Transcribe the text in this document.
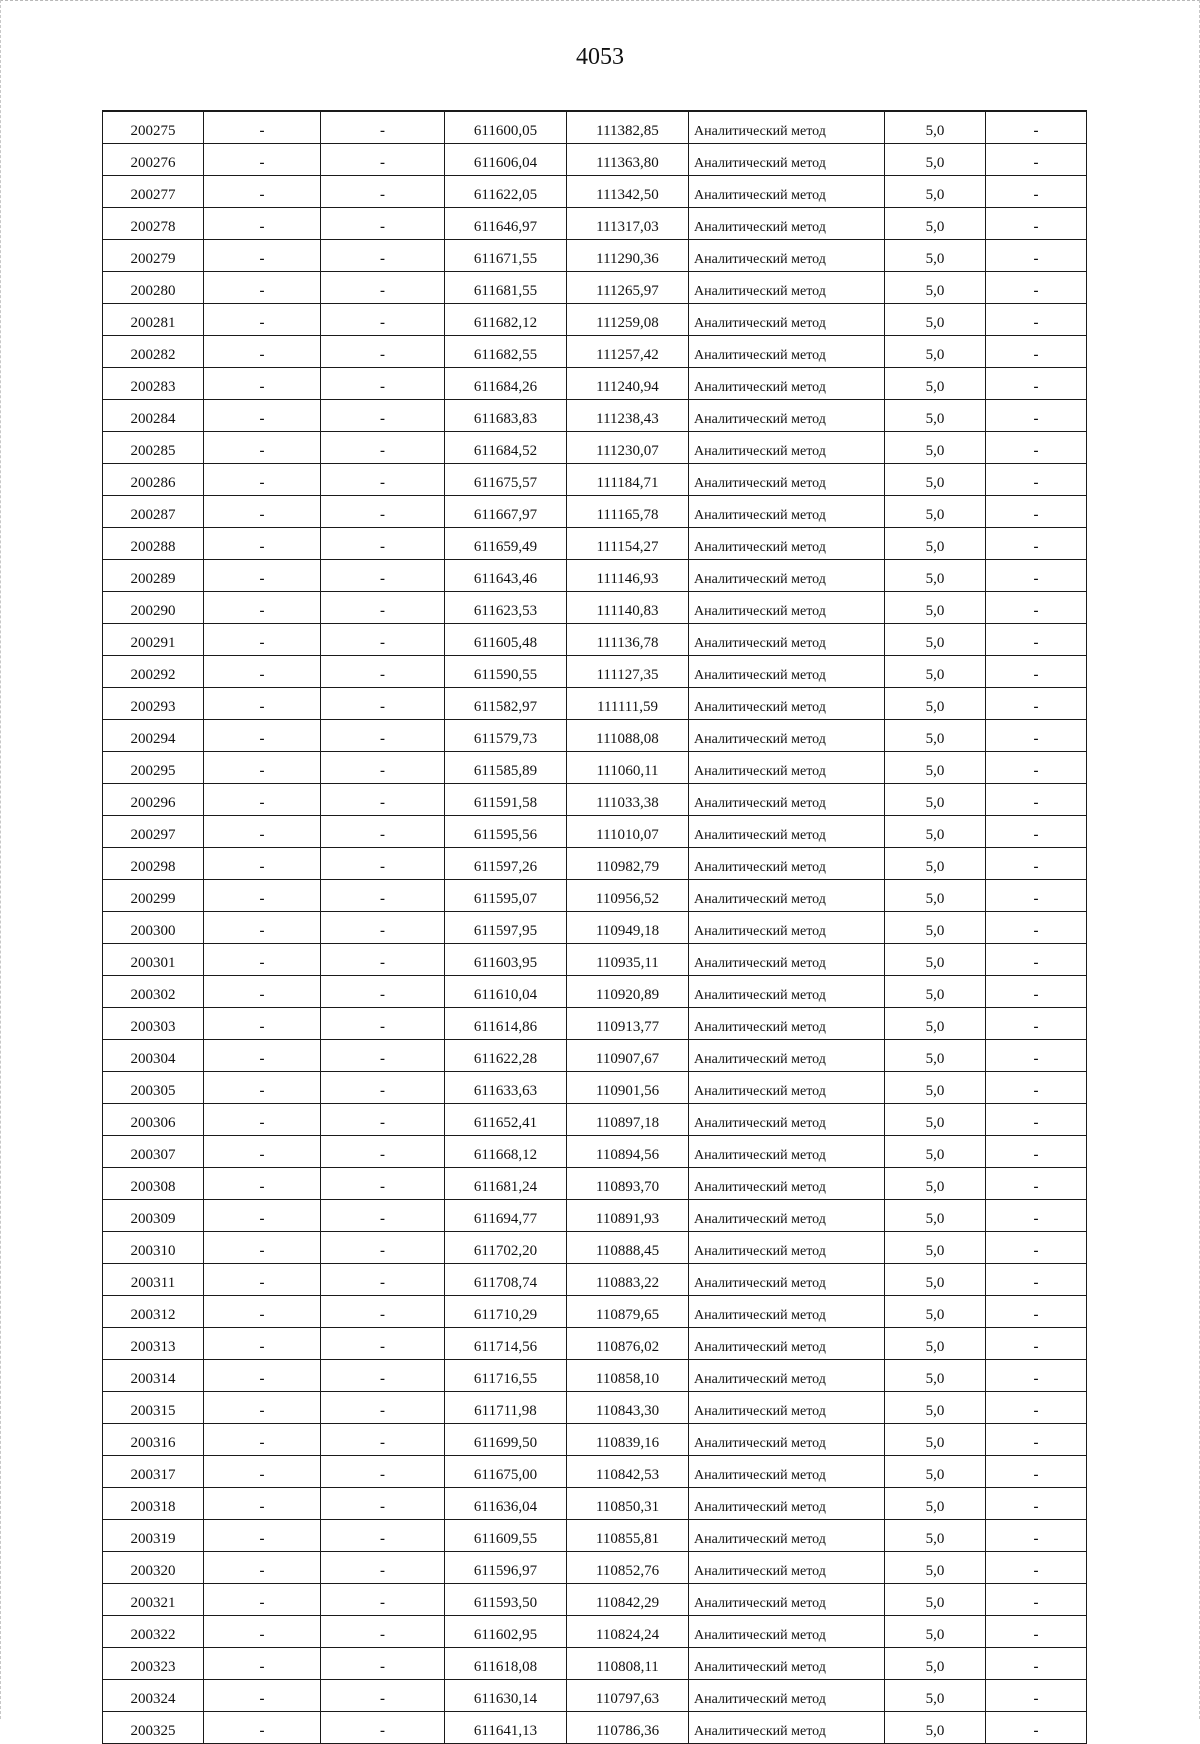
4053
200275	-	-	611600,05	111382,85	Аналитический метод	5,0	-
200276	-	-	611606,04	111363,80	Аналитический метод	5,0	-
200277	-	-	611622,05	111342,50	Аналитический метод	5,0	-
200278	-	-	611646,97	111317,03	Аналитический метод	5,0	-
200279	-	-	611671,55	111290,36	Аналитический метод	5,0	-
200280	-	-	611681,55	111265,97	Аналитический метод	5,0	-
200281	-	-	611682,12	111259,08	Аналитический метод	5,0	-
200282	-	-	611682,55	111257,42	Аналитический метод	5,0	-
200283	-	-	611684,26	111240,94	Аналитический метод	5,0	-
200284	-	-	611683,83	111238,43	Аналитический метод	5,0	-
200285	-	-	611684,52	111230,07	Аналитический метод	5,0	-
200286	-	-	611675,57	111184,71	Аналитический метод	5,0	-
200287	-	-	611667,97	111165,78	Аналитический метод	5,0	-
200288	-	-	611659,49	111154,27	Аналитический метод	5,0	-
200289	-	-	611643,46	111146,93	Аналитический метод	5,0	-
200290	-	-	611623,53	111140,83	Аналитический метод	5,0	-
200291	-	-	611605,48	111136,78	Аналитический метод	5,0	-
200292	-	-	611590,55	111127,35	Аналитический метод	5,0	-
200293	-	-	611582,97	111111,59	Аналитический метод	5,0	-
200294	-	-	611579,73	111088,08	Аналитический метод	5,0	-
200295	-	-	611585,89	111060,11	Аналитический метод	5,0	-
200296	-	-	611591,58	111033,38	Аналитический метод	5,0	-
200297	-	-	611595,56	111010,07	Аналитический метод	5,0	-
200298	-	-	611597,26	110982,79	Аналитический метод	5,0	-
200299	-	-	611595,07	110956,52	Аналитический метод	5,0	-
200300	-	-	611597,95	110949,18	Аналитический метод	5,0	-
200301	-	-	611603,95	110935,11	Аналитический метод	5,0	-
200302	-	-	611610,04	110920,89	Аналитический метод	5,0	-
200303	-	-	611614,86	110913,77	Аналитический метод	5,0	-
200304	-	-	611622,28	110907,67	Аналитический метод	5,0	-
200305	-	-	611633,63	110901,56	Аналитический метод	5,0	-
200306	-	-	611652,41	110897,18	Аналитический метод	5,0	-
200307	-	-	611668,12	110894,56	Аналитический метод	5,0	-
200308	-	-	611681,24	110893,70	Аналитический метод	5,0	-
200309	-	-	611694,77	110891,93	Аналитический метод	5,0	-
200310	-	-	611702,20	110888,45	Аналитический метод	5,0	-
200311	-	-	611708,74	110883,22	Аналитический метод	5,0	-
200312	-	-	611710,29	110879,65	Аналитический метод	5,0	-
200313	-	-	611714,56	110876,02	Аналитический метод	5,0	-
200314	-	-	611716,55	110858,10	Аналитический метод	5,0	-
200315	-	-	611711,98	110843,30	Аналитический метод	5,0	-
200316	-	-	611699,50	110839,16	Аналитический метод	5,0	-
200317	-	-	611675,00	110842,53	Аналитический метод	5,0	-
200318	-	-	611636,04	110850,31	Аналитический метод	5,0	-
200319	-	-	611609,55	110855,81	Аналитический метод	5,0	-
200320	-	-	611596,97	110852,76	Аналитический метод	5,0	-
200321	-	-	611593,50	110842,29	Аналитический метод	5,0	-
200322	-	-	611602,95	110824,24	Аналитический метод	5,0	-
200323	-	-	611618,08	110808,11	Аналитический метод	5,0	-
200324	-	-	611630,14	110797,63	Аналитический метод	5,0	-
200325	-	-	611641,13	110786,36	Аналитический метод	5,0	-
